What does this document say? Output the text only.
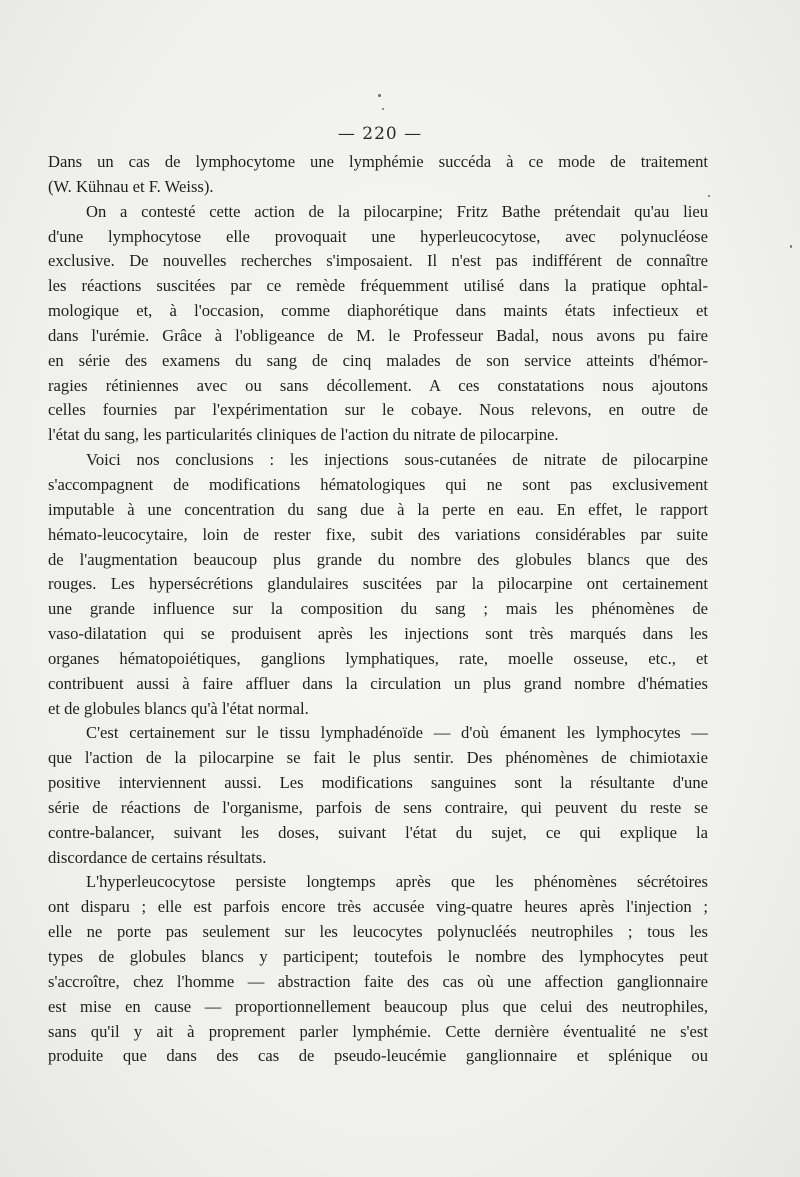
— 220 —
Dans un cas de lymphocytome une lymphémie succéda à ce mode de traitement
(W. Kühnau et F. Weiss).
On a contesté cette action de la pilocarpine; Fritz Bathe prétendait qu'au lieu
d'une lymphocytose elle provoquait une hyperleucocytose, avec polynucléose
exclusive. De nouvelles recherches s'imposaient. Il n'est pas indifférent de connaître
les réactions suscitées par ce remède fréquemment utilisé dans la pratique ophtal-
mologique et, à l'occasion, comme diaphorétique dans maints états infectieux et
dans l'urémie. Grâce à l'obligeance de M. le Professeur Badal, nous avons pu faire
en série des examens du sang de cinq malades de son service atteints d'hémor-
ragies rétiniennes avec ou sans décollement. A ces constatations nous ajoutons
celles fournies par l'expérimentation sur le cobaye. Nous relevons, en outre de
l'état du sang, les particularités cliniques de l'action du nitrate de pilocarpine.
Voici nos conclusions : les injections sous-cutanées de nitrate de pilocarpine
s'accompagnent de modifications hématologiques qui ne sont pas exclusivement
imputable à une concentration du sang due à la perte en eau. En effet, le rapport
hémato-leucocytaire, loin de rester fixe, subit des variations considérables par suite
de l'augmentation beaucoup plus grande du nombre des globules blancs que des
rouges. Les hypersécrétions glandulaires suscitées par la pilocarpine ont certainement
une grande influence sur la composition du sang ; mais les phénomènes de
vaso-dilatation qui se produisent après les injections sont très marqués dans les
organes hématopoiétiques, ganglions lymphatiques, rate, moelle osseuse, etc., et
contribuent aussi à faire affluer dans la circulation un plus grand nombre d'hématies
et de globules blancs qu'à l'état normal.
C'est certainement sur le tissu lymphadénoïde — d'où émanent les lymphocytes —
que l'action de la pilocarpine se fait le plus sentir. Des phénomènes de chimiotaxie
positive interviennent aussi. Les modifications sanguines sont la résultante d'une
série de réactions de l'organisme, parfois de sens contraire, qui peuvent du reste se
contre-balancer, suivant les doses, suivant l'état du sujet, ce qui explique la
discordance de certains résultats.
L'hyperleucocytose persiste longtemps après que les phénomènes sécrétoires
ont disparu ; elle est parfois encore très accusée ving-quatre heures après l'injection ;
elle ne porte pas seulement sur les leucocytes polynucléés neutrophiles ; tous les
types de globules blancs y participent; toutefois le nombre des lymphocytes peut
s'accroître, chez l'homme — abstraction faite des cas où une affection ganglionnaire
est mise en cause — proportionnellement beaucoup plus que celui des neutrophiles,
sans qu'il y ait à proprement parler lymphémie. Cette dernière éventualité ne s'est
produite que dans des cas de pseudo-leucémie ganglionnaire et splénique ou
